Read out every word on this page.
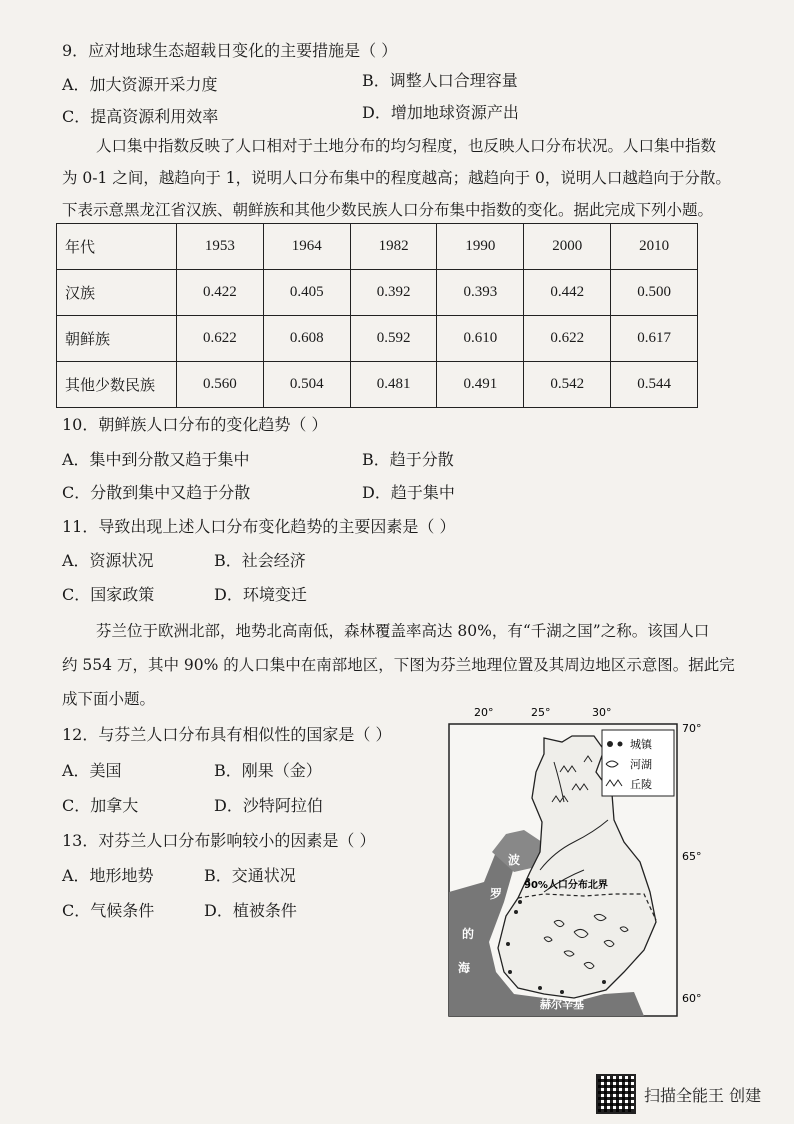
9．应对地球生态超载日变化的主要措施是（ ）
A．加大资源开采力度	B．调整人口合理容量
C．提高资源利用效率	D．增加地球资源产出
人口集中指数反映了人口相对于土地分布的均匀程度，也反映人口分布状况。人口集中指数
为 0-1 之间，越趋向于 1，说明人口分布集中的程度越高；越趋向于 0，说明人口越趋向于分散。
下表示意黑龙江省汉族、朝鲜族和其他少数民族人口分布集中指数的变化。据此完成下列小题。
年代	1953	1964	1982	1990	2000	2010
汉族	0.422	0.405	0.392	0.393	0.442	0.500
朝鲜族	0.622	0.608	0.592	0.610	0.622	0.617
其他少数民族	0.560	0.504	0.481	0.491	0.542	0.544
10．朝鲜族人口分布的变化趋势（ ）
A．集中到分散又趋于集中	B．趋于分散
C．分散到集中又趋于分散	D．趋于集中
11．导致出现上述人口分布变化趋势的主要因素是（ ）
A．资源状况	B．社会经济
C．国家政策	D．环境变迁
芬兰位于欧洲北部，地势北高南低，森林覆盖率高达 80%，有“千湖之国”之称。该国人口
约 554 万，其中 90% 的人口集中在南部地区，下图为芬兰地理位置及其周边地区示意图。据此完
成下面小题。
12．与芬兰人口分布具有相似性的国家是（ ）
A．美国	B．刚果（金）
C．加拿大	D．沙特阿拉伯
13．对芬兰人口分布影响较小的因素是（ ）
A．地形地势	B．交通状况
C．气候条件	D．植被条件
20°	25°	30°
70°
65°
60°
城镇
河湖
丘陵
90%人口分布北界
波
罗
的
海
赫尔辛基
扫描全能王 创建
